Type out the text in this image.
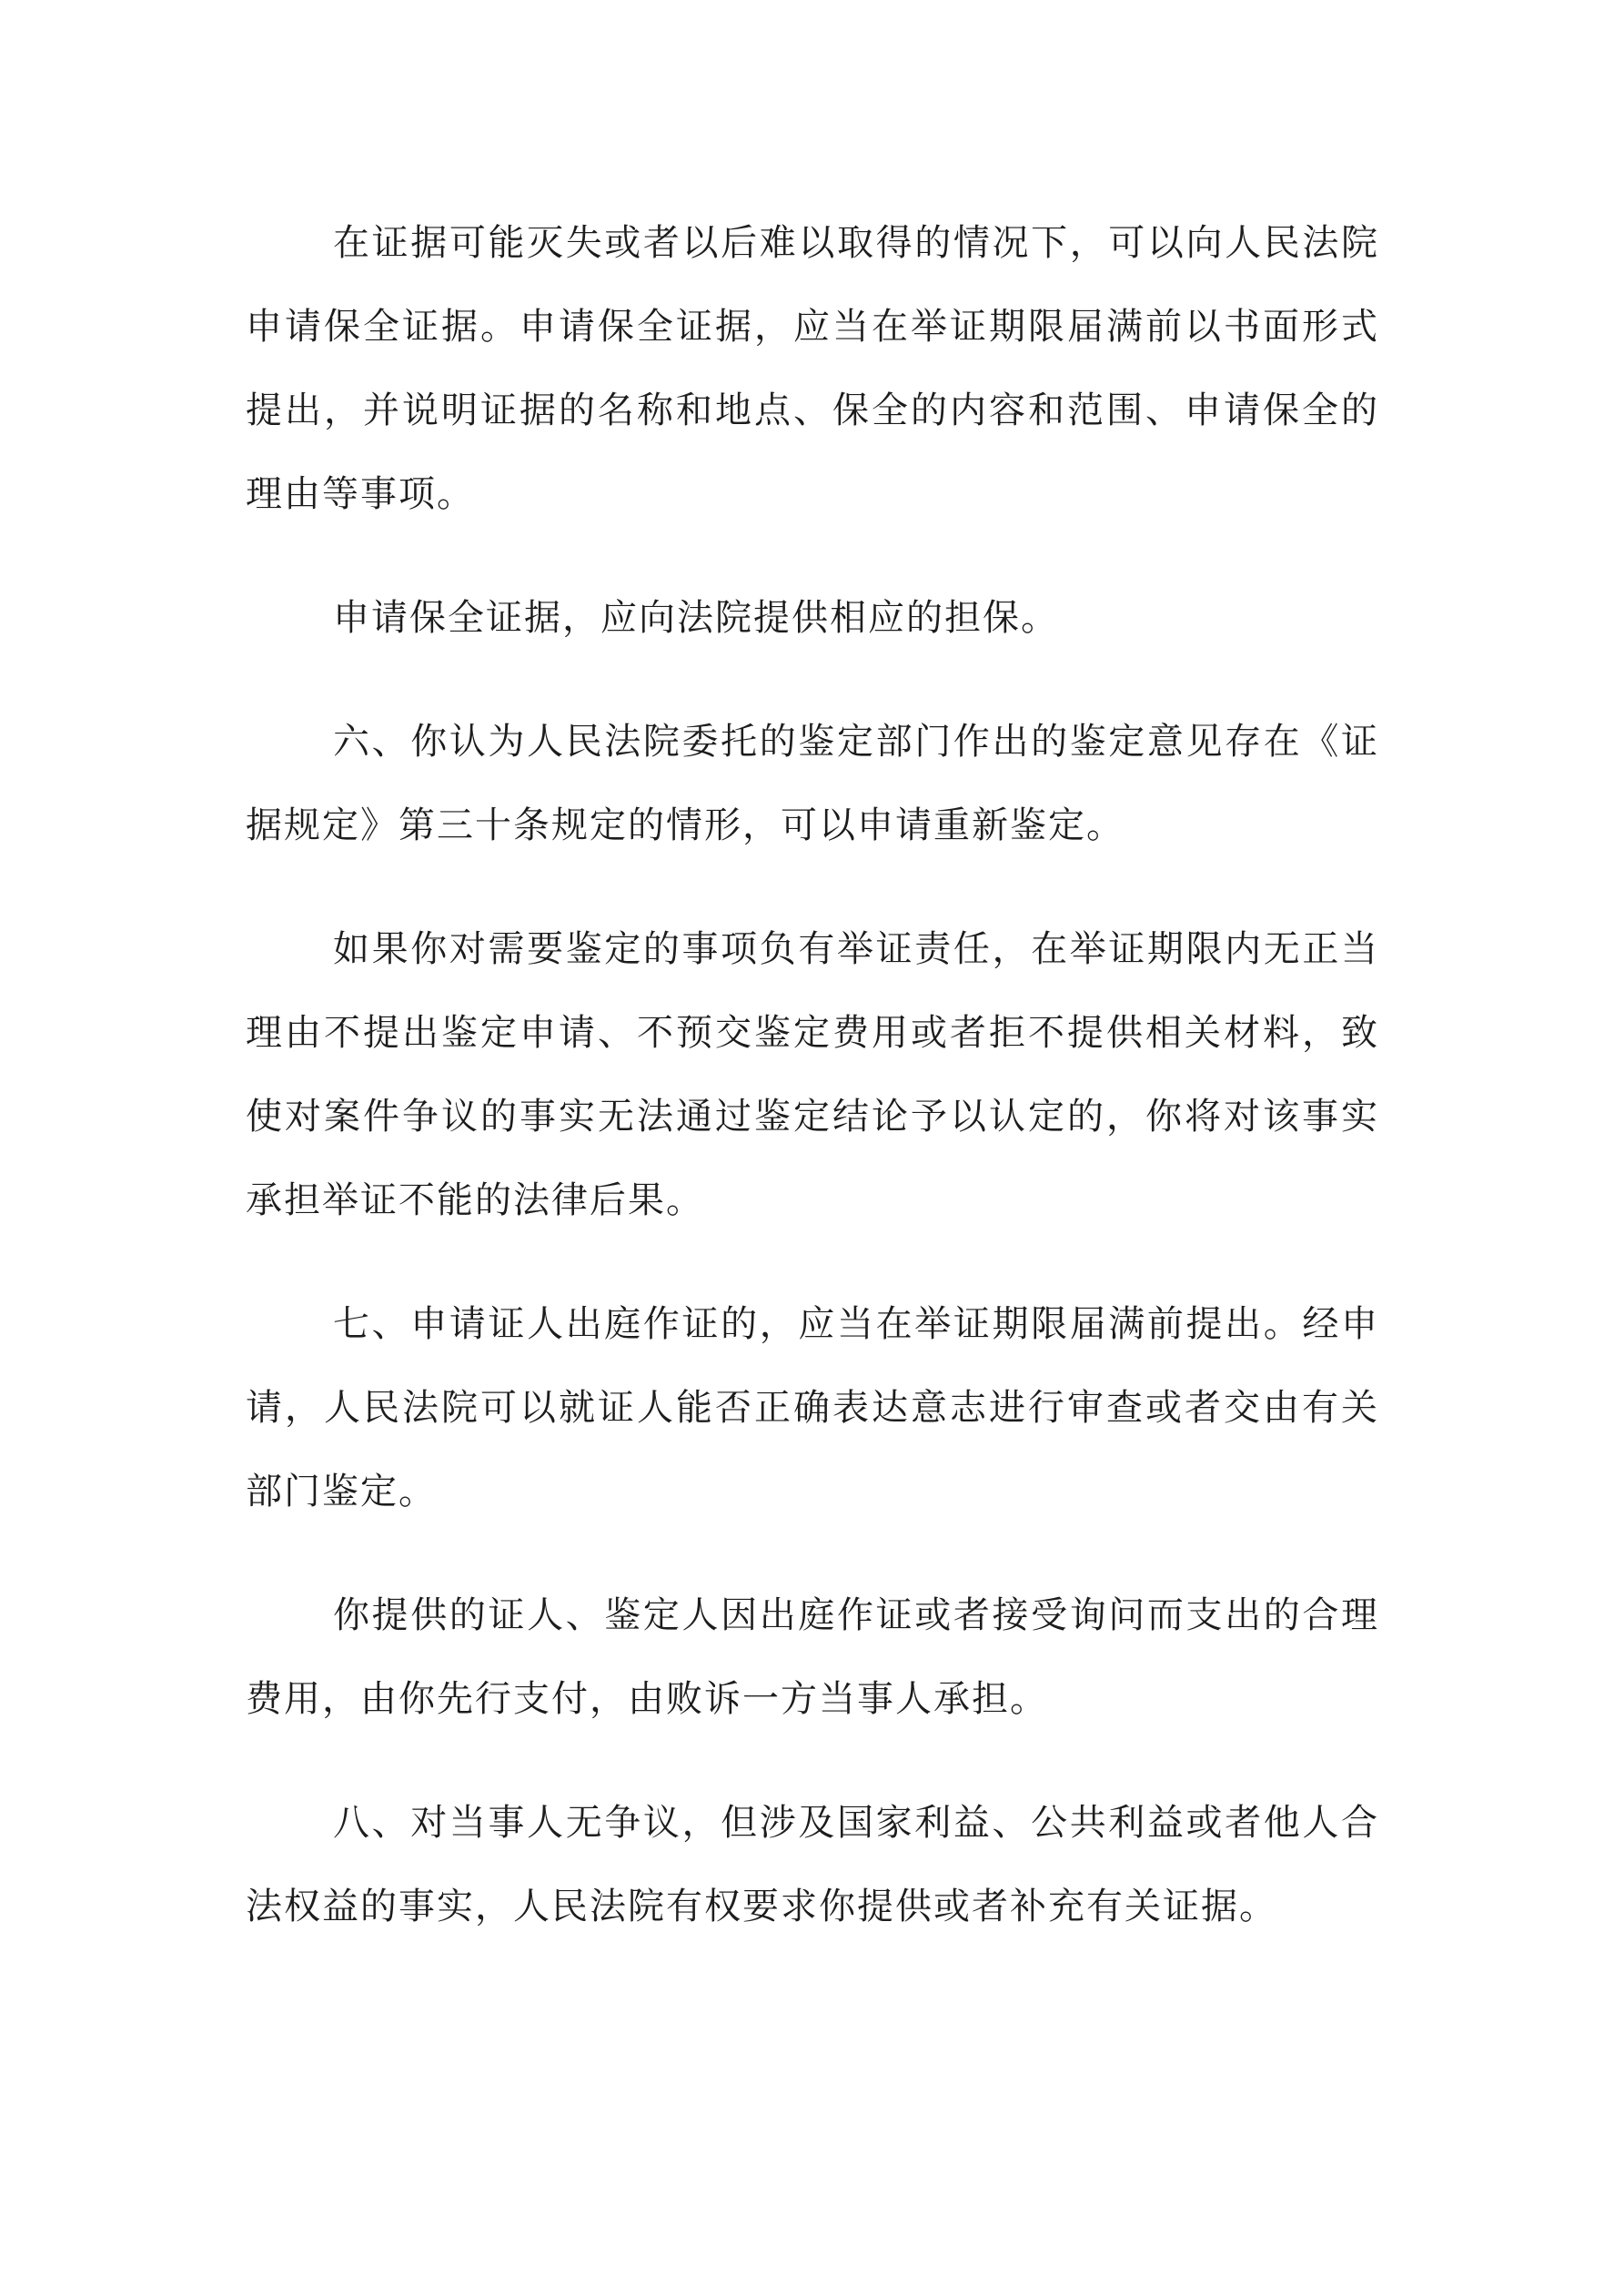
在证据可能灭失或者以后难以取得的情况下，可以向人民法院申请保全证据。申请保全证据，应当在举证期限届满前以书面形式提出，并说明证据的名称和地点、保全的内容和范围、申请保全的理由等事项。

申请保全证据，应向法院提供相应的担保。

六、你认为人民法院委托的鉴定部门作出的鉴定意见存在《证据规定》第三十条规定的情形，可以申请重新鉴定。

如果你对需要鉴定的事项负有举证责任，在举证期限内无正当理由不提出鉴定申请、不预交鉴定费用或者拒不提供相关材料，致使对案件争议的事实无法通过鉴定结论予以认定的，你将对该事实承担举证不能的法律后果。

七、申请证人出庭作证的，应当在举证期限届满前提出。经申请，人民法院可以就证人能否正确表达意志进行审查或者交由有关部门鉴定。

你提供的证人、鉴定人因出庭作证或者接受询问而支出的合理费用，由你先行支付，由败诉一方当事人承担。

八、对当事人无争议，但涉及国家利益、公共利益或者他人合法权益的事实，人民法院有权要求你提供或者补充有关证据。
